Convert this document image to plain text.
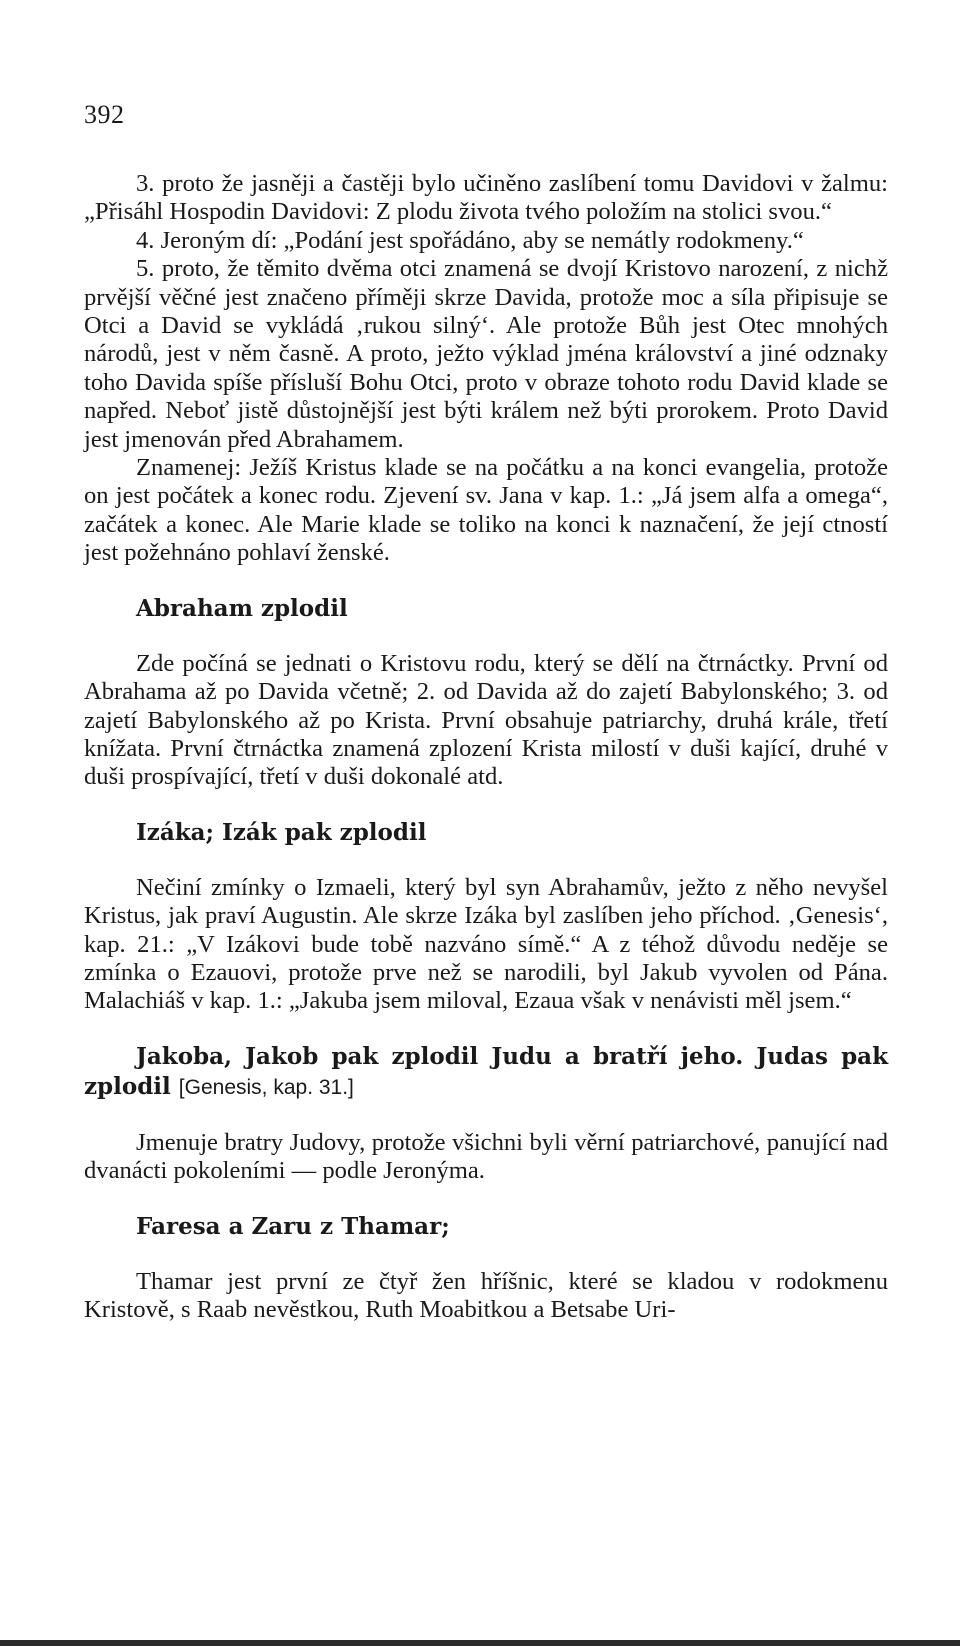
392

3. proto že jasněji a častěji bylo učiněno zaslíbení tomu Davidovi v žalmu: „Přisáhl Hospodin Davidovi: Z plodu života tvého položím na stolici svou.“

4. Jeroným dí: „Podání jest spořádáno, aby se nemátly rodokmeny.“

5. proto, že těmito dvěma otci znamená se dvojí Kristovo narození, z nichž prvější věčné jest značeno příměji skrze Davida, protože moc a síla připisuje se Otci a David se vykládá ‚rukou silný‘. Ale protože Bůh jest Otec mnohých národů, jest v něm časně. A proto, ježto výklad jména království a jiné odznaky toho Davida spíše přísluší Bohu Otci, proto v obraze tohoto rodu David klade se napřed. Neboť jistě důstojnější jest býti králem než býti prorokem. Proto David jest jmenován před Abrahamem.

Znamenej: Ježíš Kristus klade se na počátku a na konci evangelia, protože on jest počátek a konec rodu. Zjevení sv. Jana v kap. 1.: „Já jsem alfa a omega“, začátek a konec. Ale Marie klade se toliko na konci k naznačení, že její ctností jest požehnáno pohlaví ženské.

Abraham zplodil

Zde počíná se jednati o Kristovu rodu, který se dělí na čtrnáctky. První od Abrahama až po Davida včetně; 2. od Davida až do zajetí Babylonského; 3. od zajetí Babylonského až po Krista. První obsahuje patriarchy, druhá krále, třetí knížata. První čtrnáctka znamená zplození Krista milostí v duši kající, druhé v duši prospívající, třetí v duši dokonalé atd.

Izáka; Izák pak zplodil

Nečiní zmínky o Izmaeli, který byl syn Abrahamův, ježto z něho nevyšel Kristus, jak praví Augustin. Ale skrze Izáka byl zaslíben jeho příchod. ‚Genesis‘, kap. 21.: „V Izákovi bude tobě nazváno símě.“ A z téhož důvodu neděje se zmínka o Ezauovi, protože prve než se narodili, byl Jakub vyvolen od Pána. Malachiáš v kap. 1.: „Jakuba jsem miloval, Ezaua však v nenávisti měl jsem.“

Jakoba, Jakob pak zplodil Judu a bratří jeho. Judas pak zplodil [Genesis, kap. 31.]

Jmenuje bratry Judovy, protože všichni byli věrní patriarchové, panující nad dvanácti pokoleními — podle Jeronýma.

Faresa a Zaru z Thamar;

Thamar jest první ze čtyř žen hříšnic, které se kladou v rodokmenu Kristově, s Raab nevěstkou, Ruth Moabitkou a Betsabe Uri-
